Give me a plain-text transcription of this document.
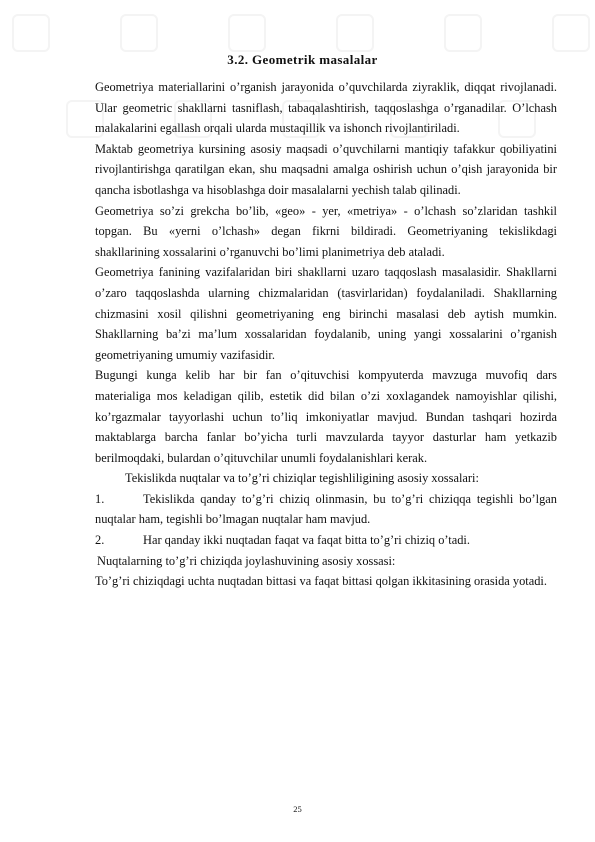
3.2. Geometrik masalalar

Geometriya materiallarini o’rganish jarayonida o’quvchilarda ziyraklik, diqqat rivojlanadi. Ular geometric shakllarni tasniflash, tabaqalashtirish, taqqoslashga o’rganadilar. O’lchash malakalarini egallash orqali ularda mustaqillik va ishonch rivojlantiriladi.

Maktab geometriya kursining asosiy maqsadi o’quvchilarni mantiqiy tafakkur qobiliyatini rivojlantirishga qaratilgan ekan, shu maqsadni amalga oshirish uchun o’qish jarayonida bir qancha isbotlashga va hisoblashga doir masalalarni yechish talab qilinadi.

Geometriya so’zi grekcha bo’lib, «geo» - yer, «metriya» - o’lchash so’zlaridan tashkil topgan. Bu «yerni o’lchash» degan fikrni bildiradi. Geometriyaning tekislikdagi shakllarining xossalarini o’rganuvchi bo’limi planimetriya deb ataladi.

Geometriya fanining vazifalaridan biri shakllarni uzaro taqqoslash masalasidir. Shakllarni o’zaro taqqoslashda ularning chizmalaridan (tasvirlaridan) foydalaniladi. Shakllarning chizmasini xosil qilishni geometriyaning eng birinchi masalasi deb aytish mumkin. Shakllarning ba’zi ma’lum xossalaridan foydalanib, uning yangi xossalarini o’rganish geometriyaning umumiy vazifasidir.

Bugungi kunga kelib har bir fan o’qituvchisi kompyuterda mavzuga muvofiq dars materialiga mos keladigan qilib, estetik did bilan o’zi xoxlagandek namoyishlar qilishi, ko’rgazmalar tayyorlashi uchun to’liq imkoniyatlar mavjud. Bundan tashqari hozirda maktablarga barcha fanlar bo’yicha turli mavzularda tayyor dasturlar ham yetkazib berilmoqdaki, bulardan o’qituvchilar unumli foydalanishlari kerak.

Tekislikda nuqtalar va to’g’ri chiziqlar tegishliligining asosiy xossalari:

1.	Tekislikda qanday to’g’ri chiziq olinmasin, bu to’g’ri chiziqqa tegishli bo’lgan nuqtalar ham, tegishli bo’lmagan nuqtalar ham mavjud.

2.	Har qanday ikki nuqtadan faqat va faqat bitta to’g’ri chiziq o’tadi.

Nuqtalarning to’g’ri chiziqda joylashuvining asosiy xossasi:

To’g’ri chiziqdagi uchta nuqtadan bittasi va faqat bittasi qolgan ikkitasining orasida yotadi.

25
